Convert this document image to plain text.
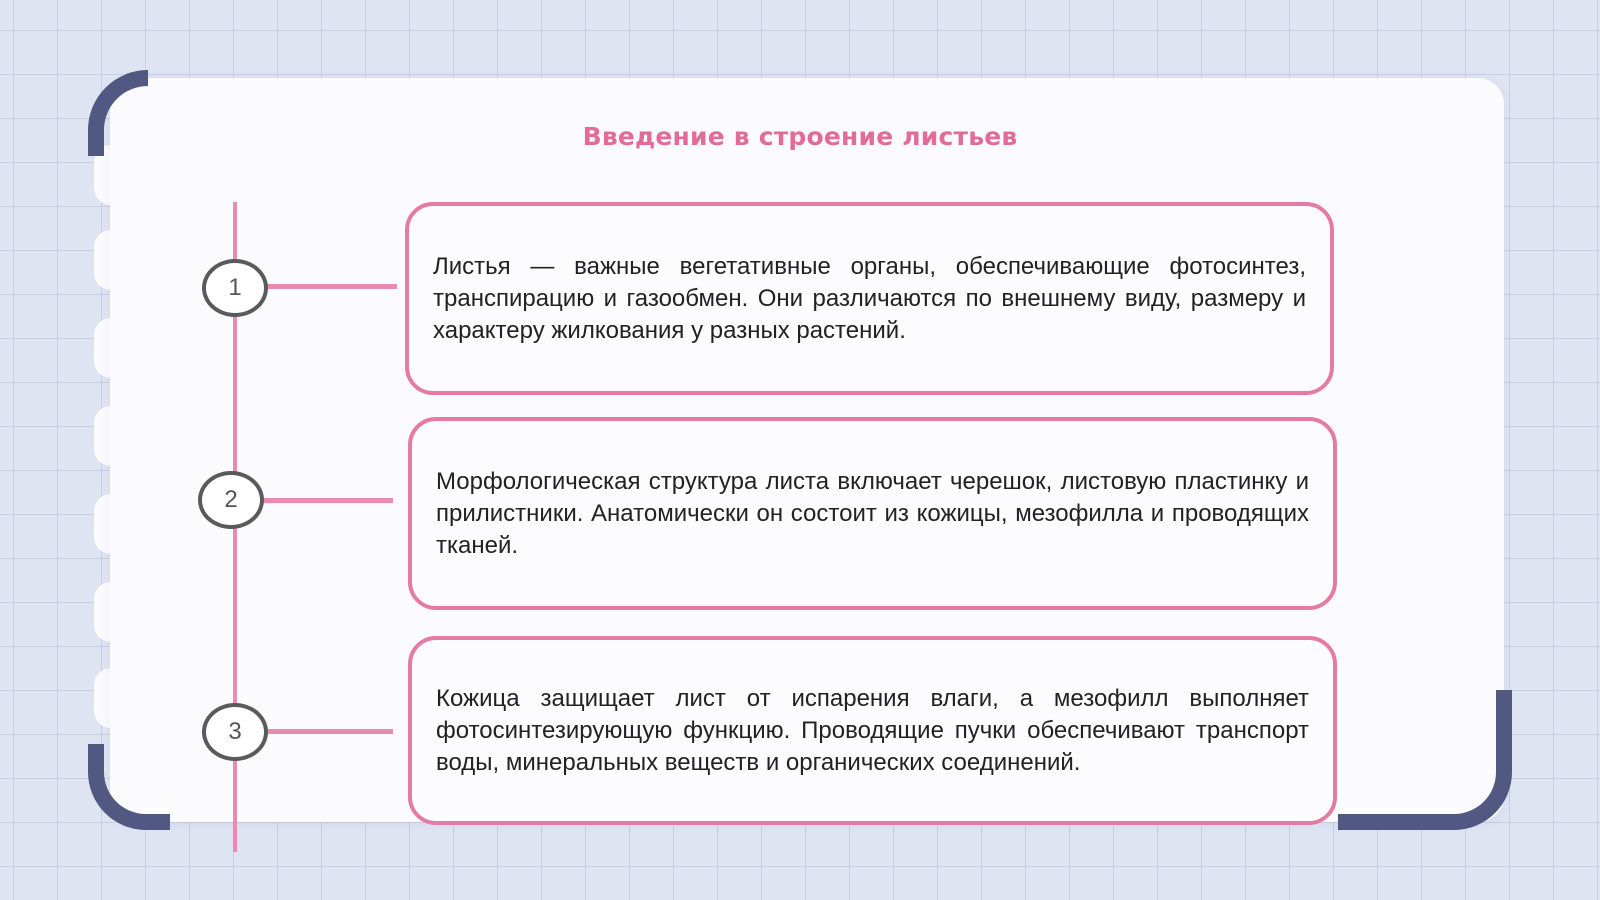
Введение в строение листьев
1
2
3

Листья — важные вегетативные органы, обеспечивающие фотосинтез, транспирацию и газообмен. Они различаются по внешнему виду, размеру и характеру жилкования у разных растений.

Морфологическая структура листа включает черешок, листовую пластинку и прилистники. Анатомически он состоит из кожицы, мезофилла и проводящих тканей.

Кожица защищает лист от испарения влаги, а мезофилл выполняет фотосинтезирующую функцию. Проводящие пучки обеспечивают транспорт воды, минеральных веществ и органических соединений.
